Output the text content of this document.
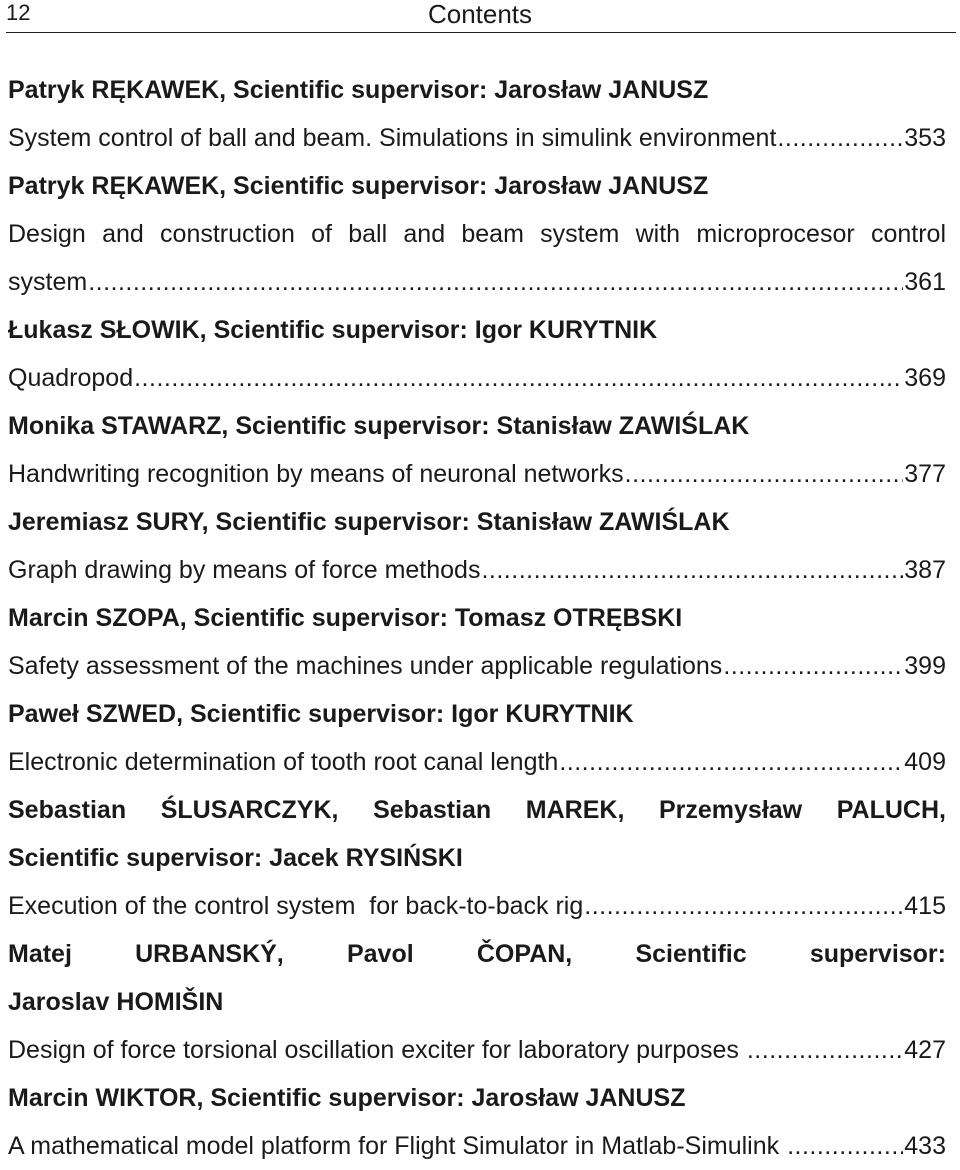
12	Contents
Patryk RĘKAWEK, Scientific supervisor: Jarosław JANUSZ
System control of ball and beam. Simulations in simulink environment .....	353
Patryk RĘKAWEK, Scientific supervisor: Jarosław JANUSZ
Design and construction of ball and beam system with microprocesor control
system .....	361
Łukasz SŁOWIK, Scientific supervisor: Igor KURYTNIK
Quadropod .....	369
Monika STAWARZ, Scientific supervisor: Stanisław ZAWIŚLAK
Handwriting recognition by means of neuronal networks .....	377
Jeremiasz SURY, Scientific supervisor: Stanisław ZAWIŚLAK
Graph drawing by means of force methods .....	387
Marcin SZOPA, Scientific supervisor: Tomasz OTRĘBSKI
Safety assessment of the machines under applicable regulations .....	399
Paweł SZWED, Scientific supervisor: Igor KURYTNIK
Electronic determination of tooth root canal length .....	409
Sebastian ŚLUSARCZYK, Sebastian MAREK, Przemysław PALUCH,
Scientific supervisor: Jacek RYSIŃSKI
Execution of the control system  for back-to-back rig .....	415
Matej URBANSKÝ, Pavol ČOPAN, Scientific supervisor:
Jaroslav HOMIŠIN
Design of force torsional oscillation exciter for laboratory purposes .....	427
Marcin WIKTOR, Scientific supervisor: Jarosław JANUSZ
A mathematical model platform for Flight Simulator in Matlab-Simulink .....	433
